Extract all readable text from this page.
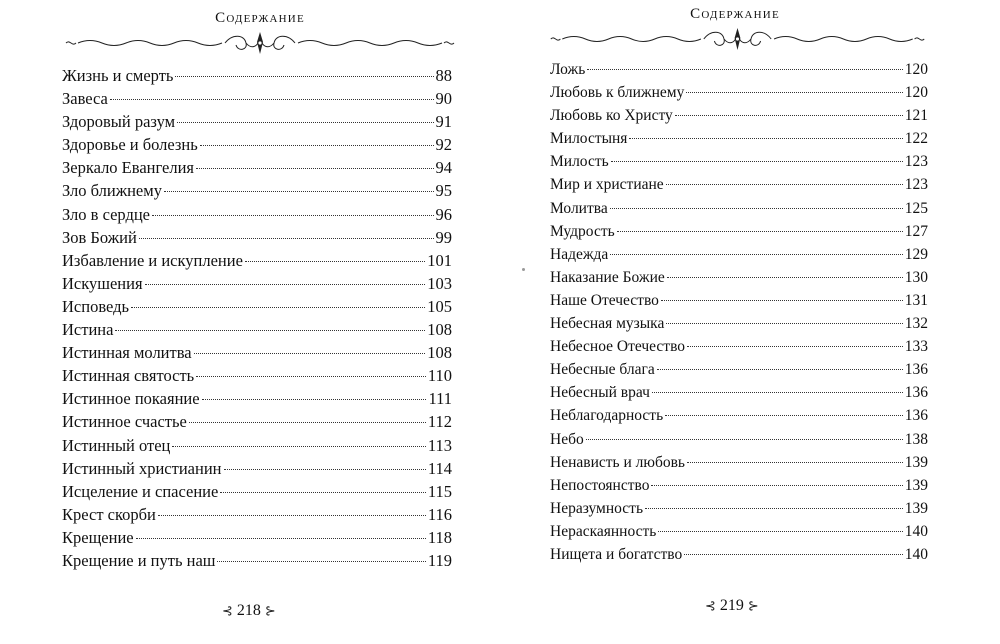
Содержание
Жизнь и смерть	88
Завеса	90
Здоровый разум	91
Здоровье и болезнь	92
Зеркало Евангелия	94
Зло ближнему	95
Зло в сердце	96
Зов Божий	99
Избавление и искупление	101
Искушения	103
Исповедь	105
Истина	108
Истинная молитва	108
Истинная святость	110
Истинное покаяние	111
Истинное счастье	112
Истинный отец	113
Истинный христианин	114
Исцеление и спасение	115
Крест скорби	116
Крещение	118
Крещение и путь наш	119
⊰ 218 ⊱
Содержание
Ложь	120
Любовь к ближнему	120
Любовь ко Христу	121
Милостыня	122
Милость	123
Мир и христиане	123
Молитва	125
Мудрость	127
Надежда	129
Наказание Божие	130
Наше Отечество	131
Небесная музыка	132
Небесное Отечество	133
Небесные блага	136
Небесный врач	136
Неблагодарность	136
Небо	138
Ненависть и любовь	139
Непостоянство	139
Неразумность	139
Нераскаянность	140
Нищета и богатство	140
⊰ 219 ⊱
